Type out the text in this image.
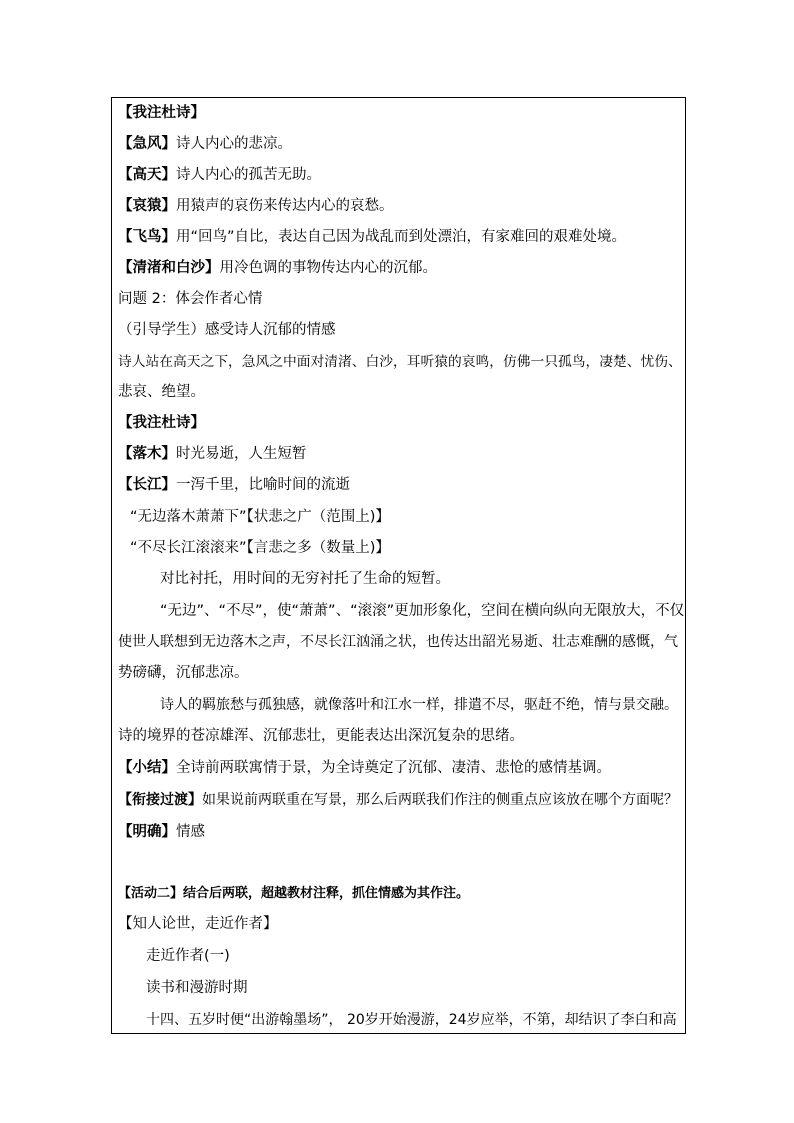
【我注杜诗】
【急风】诗人内心的悲凉。
【高天】诗人内心的孤苦无助。
【哀猿】用猿声的哀伤来传达内心的哀愁。
【飞鸟】用“回鸟”自比，表达自己因为战乱而到处漂泊，有家难回的艰难处境。
【清渚和白沙】用冷色调的事物传达内心的沉郁。
问题 2：体会作者心情
（引导学生）感受诗人沉郁的情感
诗人站在高天之下，急风之中面对清渚、白沙，耳听猿的哀鸣，仿佛一只孤鸟，凄楚、忧伤、
悲哀、绝望。
【我注杜诗】
【落木】时光易逝，人生短暂
【长江】一泻千里，比喻时间的流逝
“无边落木萧萧下”【状悲之广（范围上)】
“不尽长江滚滚来”【言悲之多（数量上)】
对比衬托，用时间的无穷衬托了生命的短暂。
“无边”、“不尽”，使“萧萧”、“滚滚”更加形象化，空间在横向纵向无限放大，不仅
使世人联想到无边落木之声，不尽长江汹涌之状，也传达出韶光易逝、壮志难酬的感慨，气
势磅礴，沉郁悲凉。
诗人的羁旅愁与孤独感，就像落叶和江水一样，排遣不尽，驱赶不绝，情与景交融。
诗的境界的苍凉雄浑、沉郁悲壮，更能表达出深沉复杂的思绪。
【小结】全诗前两联寓情于景，为全诗奠定了沉郁、凄清、悲怆的感情基调。
【衔接过渡】如果说前两联重在写景，那么后两联我们作注的侧重点应该放在哪个方面呢？
【明确】情感
【活动二】结合后两联，超越教材注释，抓住情感为其作注。
【知人论世，走近作者】
走近作者(一)
读书和漫游时期
十四、五岁时便“出游翰墨场”， 20岁开始漫游，24岁应举，不第，却结识了李白和高
